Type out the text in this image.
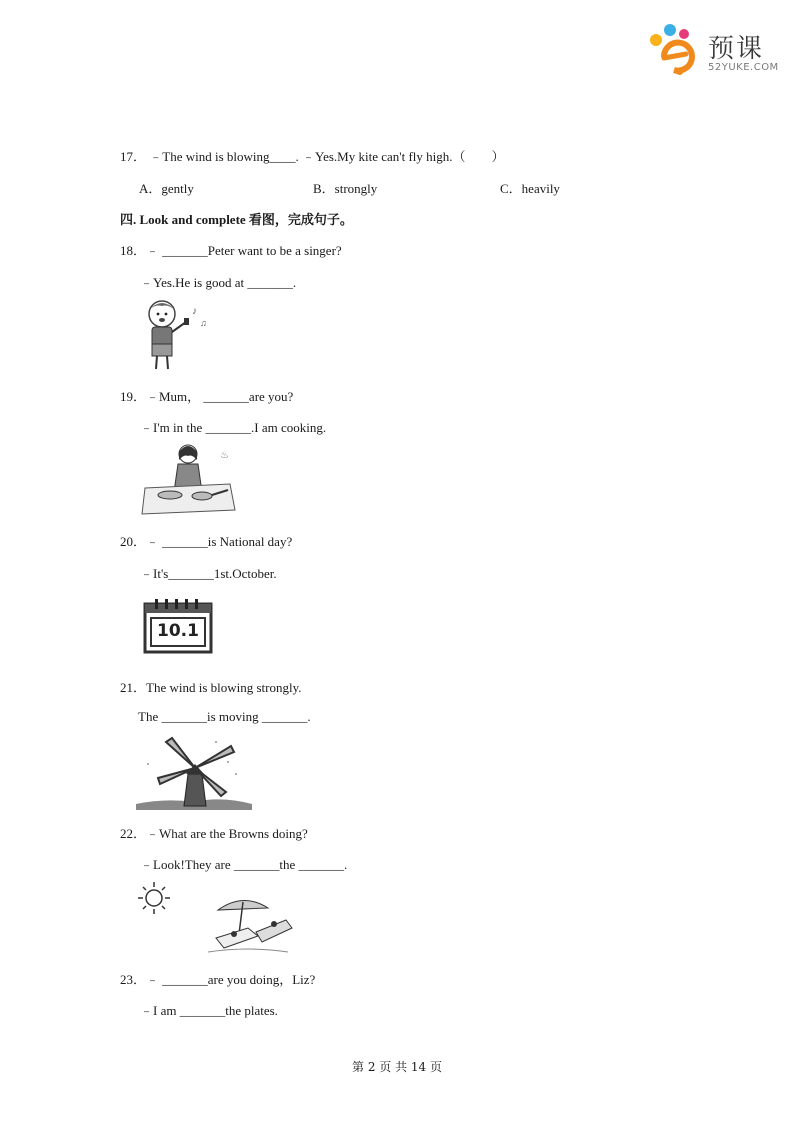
预课
52YUKE.COM
17． ﹣The wind is blowing____. ﹣Yes.My kite can't fly high.（　　）
A．gently	B．strongly	C．heavily
四. Look and complete 看图，完成句子。
18．﹣ _______Peter want to be a singer?
﹣Yes.He is good at _______.
♪
♫
19．﹣Mum， _______are you?
﹣I'm in the _______.I am cooking.
♨
20．﹣ _______is National day?
﹣It's_______1st.October.
10.1
21．The wind is blowing strongly.
The _______is moving _______.
22．﹣What are the Browns doing?
﹣Look!They are _______the _______.
23．﹣ _______are you doing，Liz?
﹣I am _______the plates.
第 2 页 共 14 页
